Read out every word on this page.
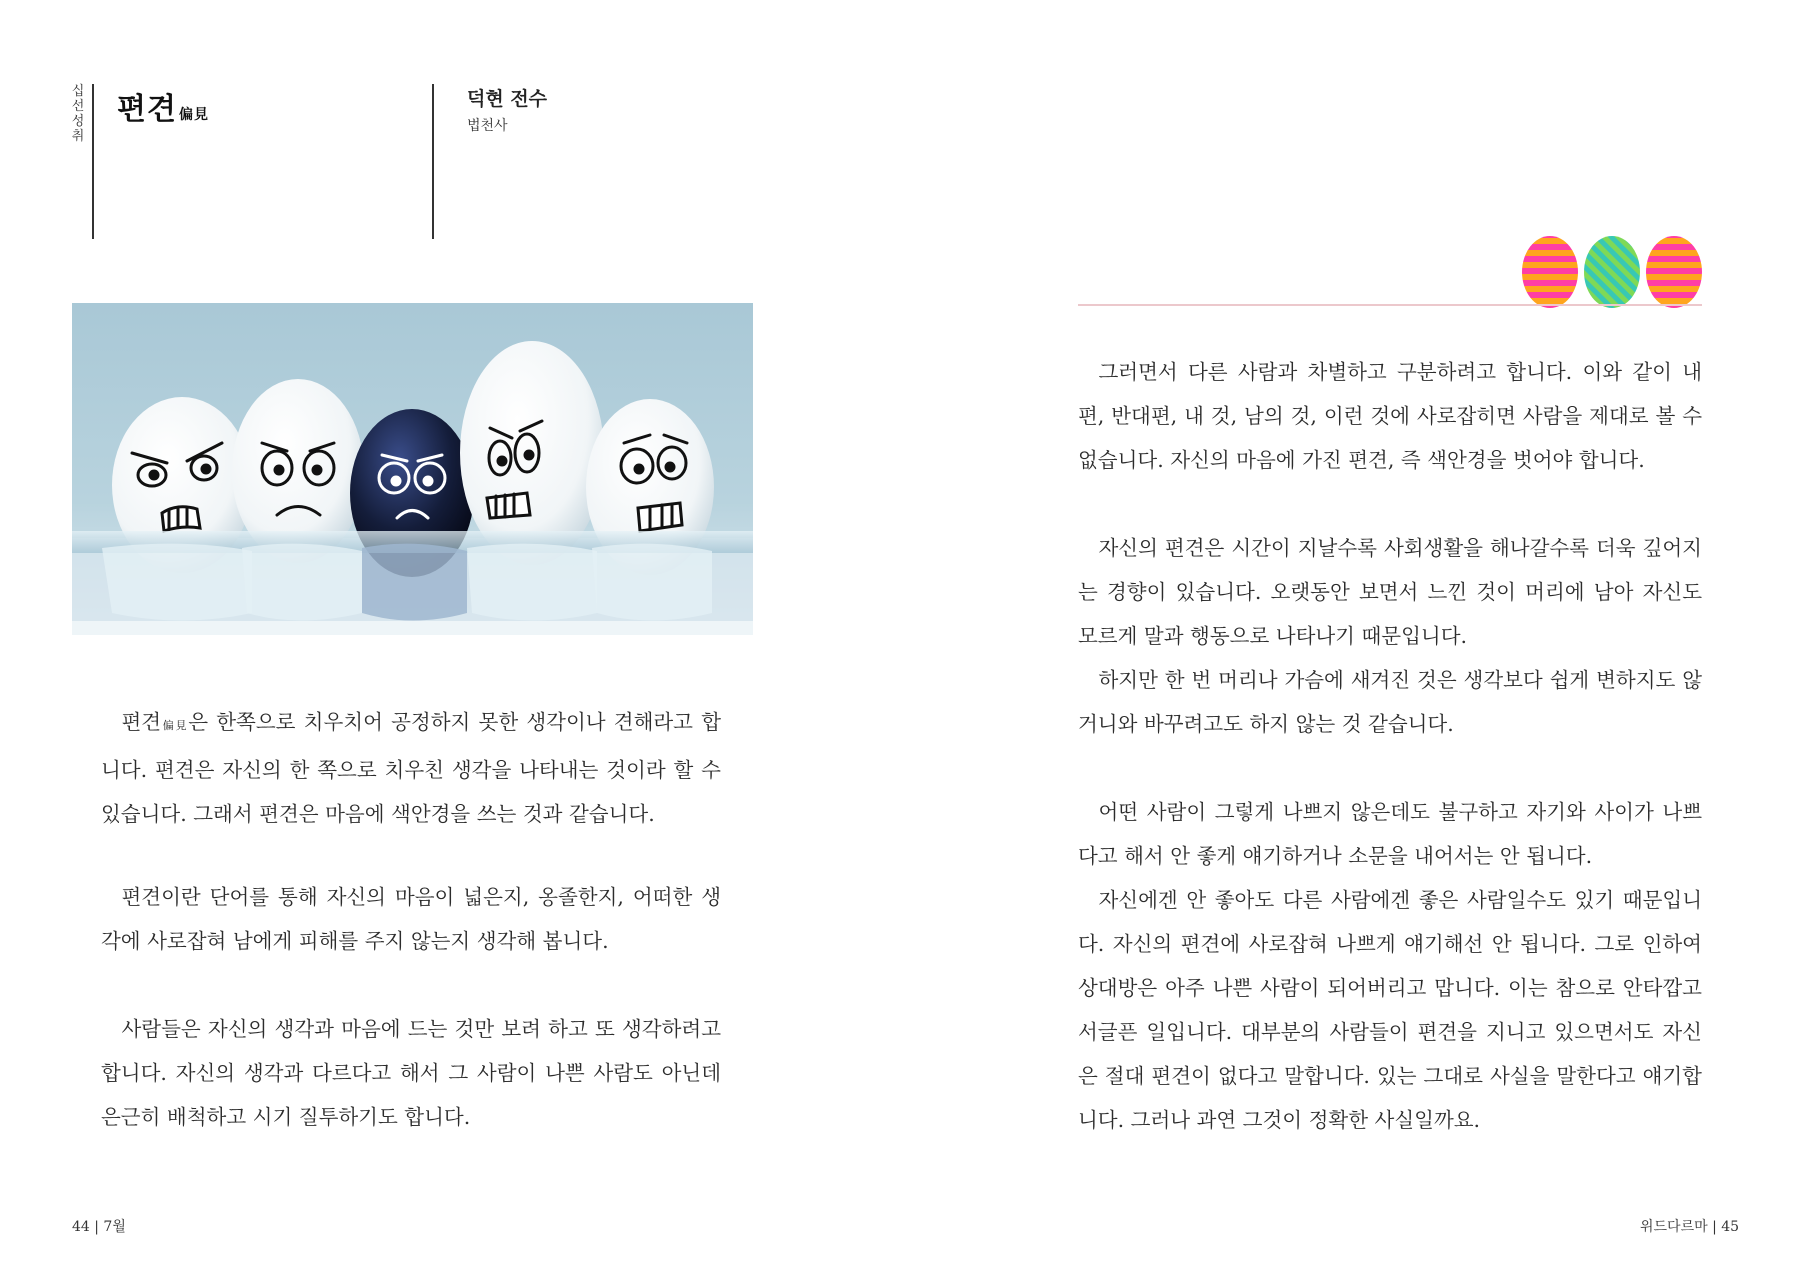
십선성취
편견 偏見
덕현 전수
법천사

편견偏見은 한쪽으로 치우치어 공정하지 못한 생각이나 견해라고 합니다. 편견은 자신의 한 쪽으로 치우친 생각을 나타내는 것이라 할 수 있습니다. 그래서 편견은 마음에 색안경을 쓰는 것과 같습니다.

편견이란 단어를 통해 자신의 마음이 넓은지, 옹졸한지, 어떠한 생각에 사로잡혀 남에게 피해를 주지 않는지 생각해 봅니다.

사람들은 자신의 생각과 마음에 드는 것만 보려 하고 또 생각하려고 합니다. 자신의 생각과 다르다고 해서 그 사람이 나쁜 사람도 아닌데 은근히 배척하고 시기 질투하기도 합니다.

44 | 7월

그러면서 다른 사람과 차별하고 구분하려고 합니다. 이와 같이 내 편, 반대편, 내 것, 남의 것, 이런 것에 사로잡히면 사람을 제대로 볼 수 없습니다. 자신의 마음에 가진 편견, 즉 색안경을 벗어야 합니다.

자신의 편견은 시간이 지날수록 사회생활을 해나갈수록 더욱 깊어지는 경향이 있습니다. 오랫동안 보면서 느낀 것이 머리에 남아 자신도 모르게 말과 행동으로 나타나기 때문입니다.

하지만 한 번 머리나 가슴에 새겨진 것은 생각보다 쉽게 변하지도 않거니와 바꾸려고도 하지 않는 것 같습니다.

어떤 사람이 그렇게 나쁘지 않은데도 불구하고 자기와 사이가 나쁘다고 해서 안 좋게 얘기하거나 소문을 내어서는 안 됩니다.

자신에겐 안 좋아도 다른 사람에겐 좋은 사람일수도 있기 때문입니다. 자신의 편견에 사로잡혀 나쁘게 얘기해선 안 됩니다. 그로 인하여 상대방은 아주 나쁜 사람이 되어버리고 맙니다. 이는 참으로 안타깝고 서글픈 일입니다. 대부분의 사람들이 편견을 지니고 있으면서도 자신은 절대 편견이 없다고 말합니다. 있는 그대로 사실을 말한다고 얘기합니다. 그러나 과연 그것이 정확한 사실일까요.

위드다르마 | 45
